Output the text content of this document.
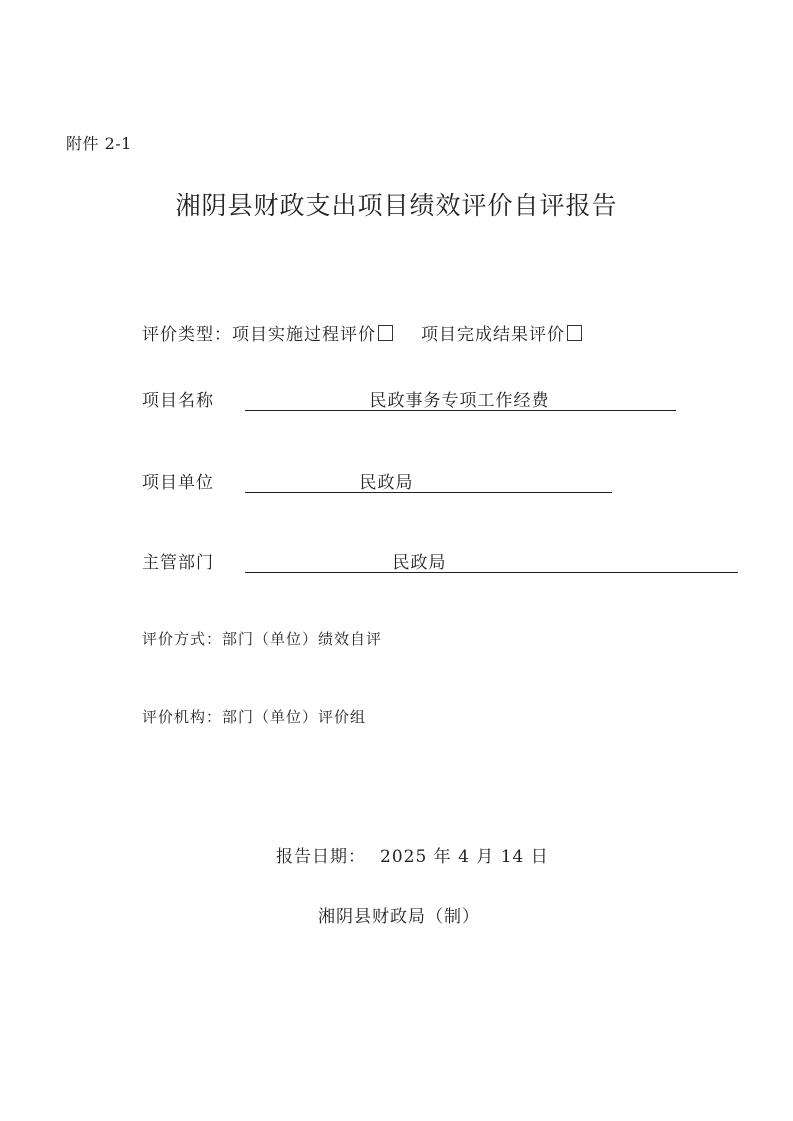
附件 2-1
湘阴县财政支出项目绩效评价自评报告
评价类型：项目实施过程评价	项目完成结果评价
项目名称	民政事务专项工作经费
项目单位	民政局
主管部门	民政局
评价方式：部门（单位）绩效自评
评价机构：部门（单位）评价组
报告日期： 2025 年 4 月 14 日
湘阴县财政局（制）
